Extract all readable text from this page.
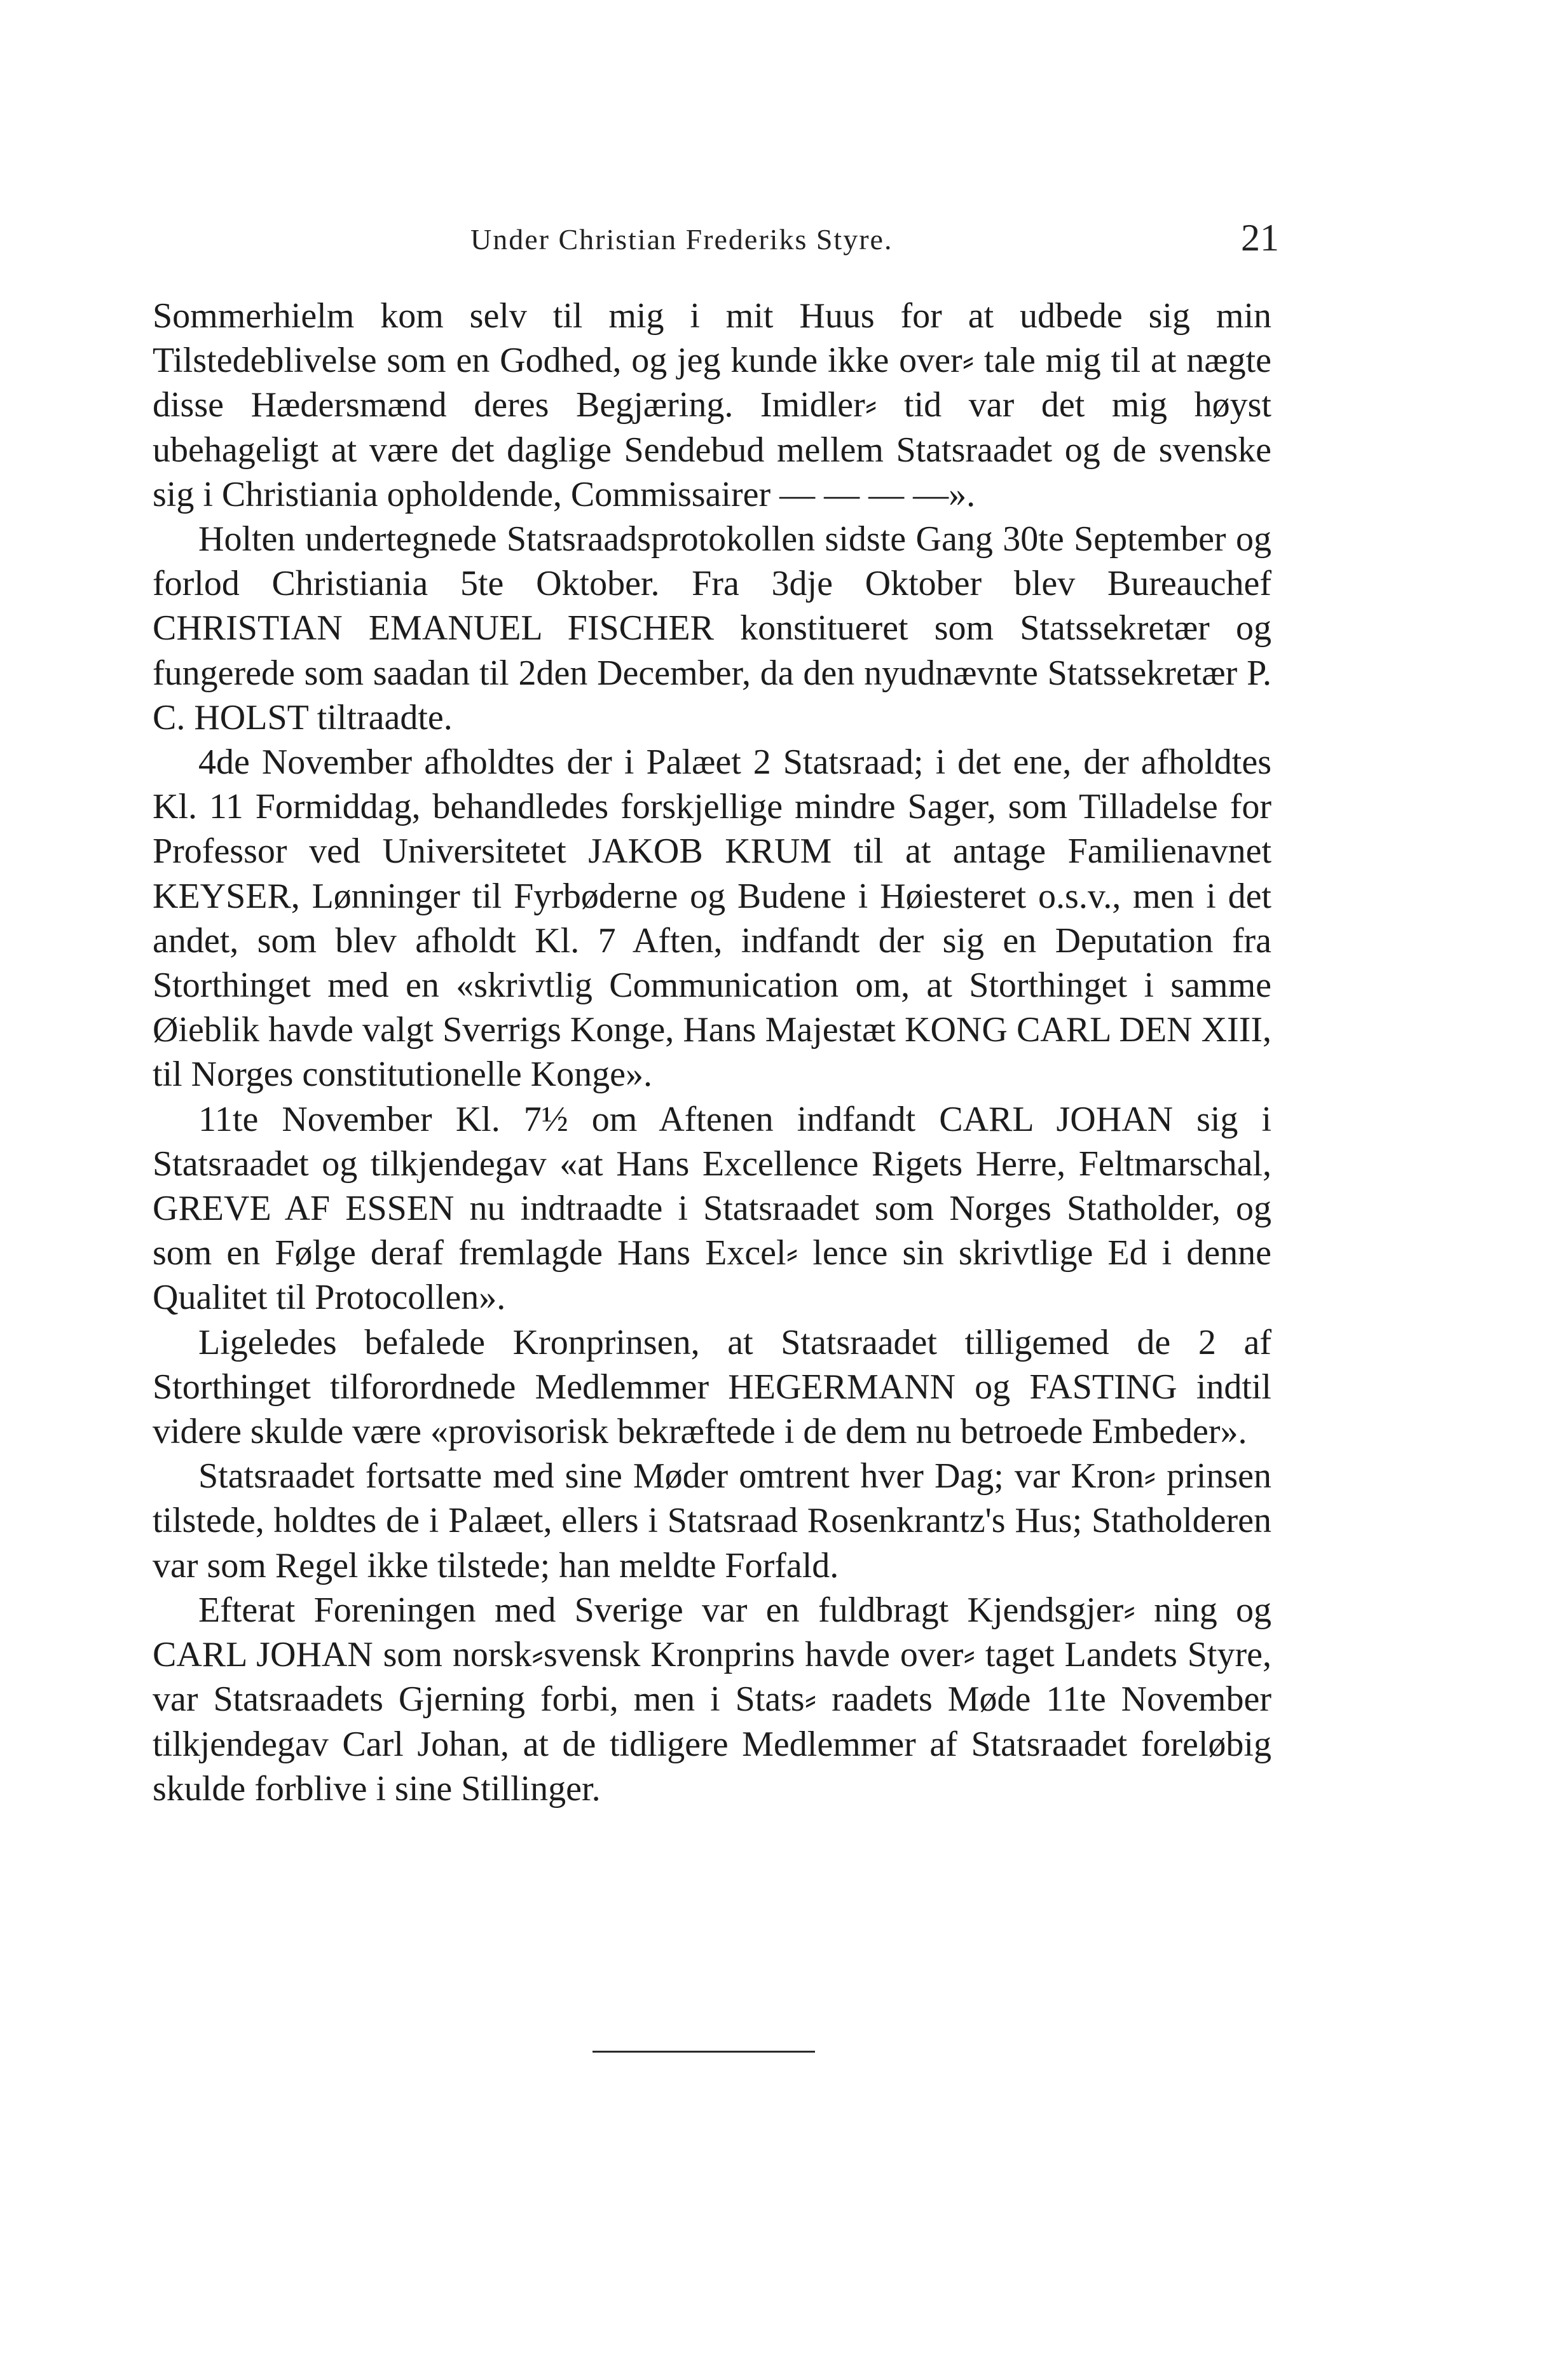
Under Christian Frederiks Styre.	21

Sommerhielm kom selv til mig i mit Huus for at udbede sig min Tilstedeblivelse som en Godhed, og jeg kunde ikke over⸗ tale mig til at nægte disse Hædersmænd deres Begjæring. Imidler⸗ tid var det mig høyst ubehageligt at være det daglige Sendebud mellem Statsraadet og de svenske sig i Christiania opholdende, Commissairer — — — —».

Holten undertegnede Statsraadsprotokollen sidste Gang 30te September og forlod Christiania 5te Oktober. Fra 3dje Oktober blev Bureauchef CHRISTIAN EMANUEL FISCHER konstitueret som Statssekretær og fungerede som saadan til 2den December, da den nyudnævnte Statssekretær P. C. HOLST tiltraadte.

4de November afholdtes der i Palæet 2 Statsraad; i det ene, der afholdtes Kl. 11 Formiddag, behandledes forskjellige mindre Sager, som Tilladelse for Professor ved Universitetet JAKOB KRUM til at antage Familienavnet KEYSER, Lønninger til Fyrbøderne og Budene i Høiesteret o.s.v., men i det andet, som blev afholdt Kl. 7 Aften, indfandt der sig en Deputation fra Storthinget med en «skrivtlig Communication om, at Storthinget i samme Øieblik havde valgt Sverrigs Konge, Hans Majestæt KONG CARL DEN XIII, til Norges constitutionelle Konge».

11te November Kl. 7½ om Aftenen indfandt CARL JOHAN sig i Statsraadet og tilkjendegav «at Hans Excellence Rigets Herre, Feltmarschal, GREVE AF ESSEN nu indtraadte i Statsraadet som Norges Statholder, og som en Følge deraf fremlagde Hans Excel⸗ lence sin skrivtlige Ed i denne Qualitet til Protocollen».

Ligeledes befalede Kronprinsen, at Statsraadet tilligemed de 2 af Storthinget tilforordnede Medlemmer HEGERMANN og FASTING indtil videre skulde være «provisorisk bekræftede i de dem nu betroede Embeder».

Statsraadet fortsatte med sine Møder omtrent hver Dag; var Kron⸗ prinsen tilstede, holdtes de i Palæet, ellers i Statsraad Rosenkrantz's Hus; Statholderen var som Regel ikke tilstede; han meldte Forfald.

Efterat Foreningen med Sverige var en fuldbragt Kjendsgjer⸗ ning og CARL JOHAN som norsk⸗svensk Kronprins havde over⸗ taget Landets Styre, var Statsraadets Gjerning forbi, men i Stats⸗ raadets Møde 11te November tilkjendegav Carl Johan, at de tidligere Medlemmer af Statsraadet foreløbig skulde forblive i sine Stillinger.
